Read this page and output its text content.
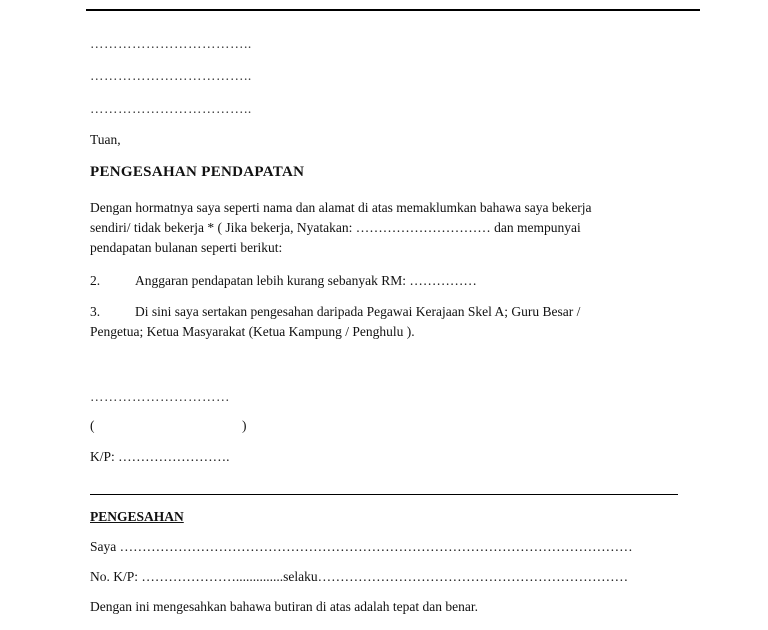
……………………………..
……………………………..
……………………………..
Tuan,
PENGESAHAN PENDAPATAN
Dengan hormatnya saya seperti nama dan alamat di atas memaklumkan bahawa saya bekerja
sendiri/ tidak bekerja * ( Jika bekerja, Nyatakan: ………………………… dan mempunyai
pendapatan bulanan seperti berikut:
2.	Anggaran pendapatan lebih kurang sebanyak RM: ……………
3.	Di sini saya sertakan pengesahan daripada Pegawai Kerajaan Skel A; Guru Besar /
Pengetua; Ketua Masyarakat (Ketua Kampung / Penghulu ).
…………………………
(	)
K/P: …………………….
PENGESAHAN
Saya ……………………………………………………………………………………………………
No. K/P: …………………..............selaku……………………………………………………………
Dengan ini mengesahkan bahawa butiran di atas adalah tepat dan benar.
